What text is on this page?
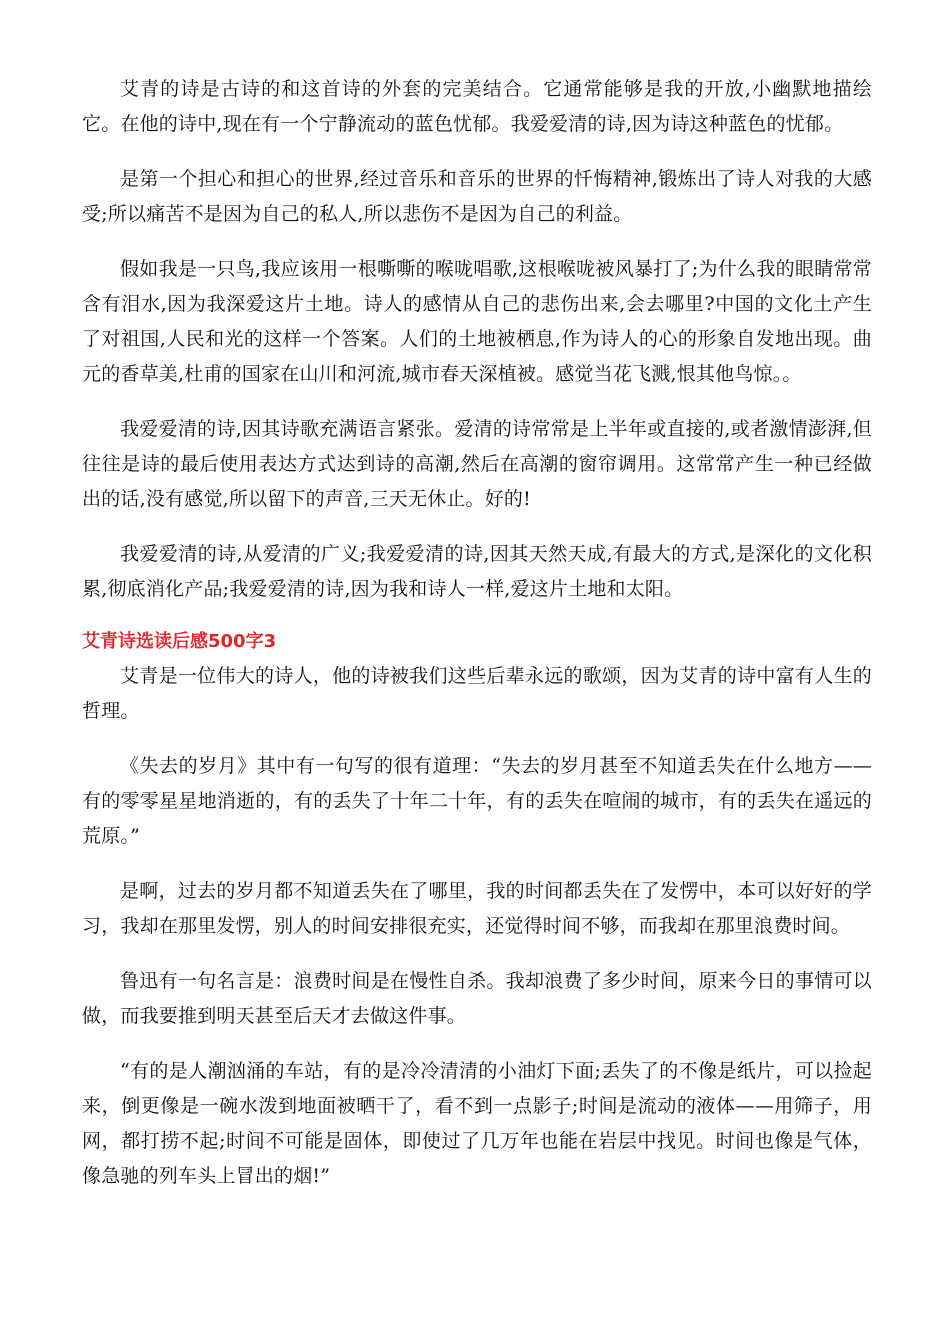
艾青的诗是古诗的和这首诗的外套的完美结合。它通常能够是我的开放,小幽默地描绘它。在他的诗中,现在有一个宁静流动的蓝色忧郁。我爱爱清的诗,因为诗这种蓝色的忧郁。

是第一个担心和担心的世界,经过音乐和音乐的世界的忏悔精神,锻炼出了诗人对我的大感受;所以痛苦不是因为自己的私人,所以悲伤不是因为自己的利益。

假如我是一只鸟,我应该用一根嘶嘶的喉咙唱歌,这根喉咙被风暴打了;为什么我的眼睛常常含有泪水,因为我深爱这片土地。诗人的感情从自己的悲伤出来,会去哪里?中国的文化土产生了对祖国,人民和光的这样一个答案。人们的土地被栖息,作为诗人的心的形象自发地出现。曲元的香草美,杜甫的国家在山川和河流,城市春天深植被。感觉当花飞溅,恨其他鸟惊。。

我爱爱清的诗,因其诗歌充满语言紧张。爱清的诗常常是上半年或直接的,或者激情澎湃,但往往是诗的最后使用表达方式达到诗的高潮,然后在高潮的窗帘调用。这常常产生一种已经做出的话,没有感觉,所以留下的声音,三天无休止。好的!

我爱爱清的诗,从爱清的广义;我爱爱清的诗,因其天然天成,有最大的方式,是深化的文化积累,彻底消化产品;我爱爱清的诗,因为我和诗人一样,爱这片土地和太阳。

艾青诗选读后感500字3

艾青是一位伟大的诗人，他的诗被我们这些后辈永远的歌颂，因为艾青的诗中富有人生的哲理。

《失去的岁月》其中有一句写的很有道理：“失去的岁月甚至不知道丢失在什么地方——有的零零星星地消逝的，有的丢失了十年二十年，有的丢失在喧闹的城市，有的丢失在遥远的荒原。”

是啊，过去的岁月都不知道丢失在了哪里，我的时间都丢失在了发愣中，本可以好好的学习，我却在那里发愣，别人的时间安排很充实，还觉得时间不够，而我却在那里浪费时间。

鲁迅有一句名言是：浪费时间是在慢性自杀。我却浪费了多少时间，原来今日的事情可以做，而我要推到明天甚至后天才去做这件事。

“有的是人潮汹涌的车站，有的是冷冷清清的小油灯下面;丢失了的不像是纸片，可以捡起来，倒更像是一碗水泼到地面被晒干了，看不到一点影子;时间是流动的液体——用筛子，用网，都打捞不起;时间不可能是固体，即使过了几万年也能在岩层中找见。时间也像是气体，像急驰的列车头上冒出的烟!”
